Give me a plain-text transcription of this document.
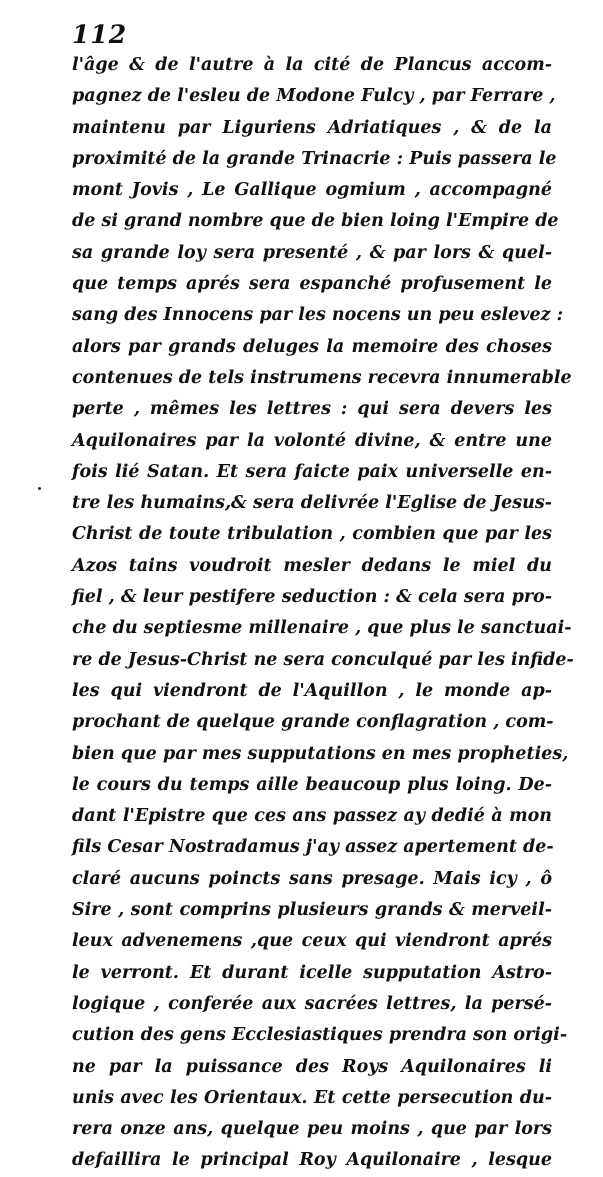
112
l'âge & de l'autre à la cité de Plancus accom-
pagnez de l'esleu de Modone Fulcy , par Ferrare ,
maintenu par Liguriens Adriatiques , & de la
proximité de la grande Trinacrie : Puis passera le
mont Jovis , Le Gallique ogmium , accompagné
de si grand nombre que de bien loing l'Empire de
sa grande loy sera presenté , & par lors & quel-
que temps aprés sera espanché profusement le
sang des Innocens par les nocens un peu eslevez :
alors par grands deluges la memoire des choses
contenues de tels instrumens recevra innumerable
perte , mêmes les lettres : qui sera devers les
Aquilonaires par la volonté divine, & entre une
fois lié Satan. Et sera faicte paix universelle en-
tre les humains,& sera delivrée l'Eglise de Jesus-
Christ de toute tribulation , combien que par les
Azos tains voudroit mesler dedans le miel du
fiel , & leur pestifere seduction : & cela sera pro-
che du septiesme millenaire , que plus le sanctuai-
re de Jesus-Christ ne sera conculqué par les infide-
les qui viendront de l'Aquillon , le monde ap-
prochant de quelque grande conflagration , com-
bien que par mes supputations en mes propheties,
le cours du temps aille beaucoup plus loing. De-
dant l'Epistre que ces ans passez ay dedié à mon
fils Cesar Nostradamus j'ay assez apertement de-
claré aucuns poincts sans presage. Mais icy , ô
Sire , sont comprins plusieurs grands & merveil-
leux advenemens ,que ceux qui viendront aprés
le verront. Et durant icelle supputation Astro-
logique , conferée aux sacrées lettres, la persé-
cution des gens Ecclesiastiques prendra son origi-
ne par la puissance des Roys Aquilonaires li
unis avec les Orientaux. Et cette persecution du-
rera onze ans, quelque peu moins , que par lors
defaillira le principal Roy Aquilonaire , lesque
